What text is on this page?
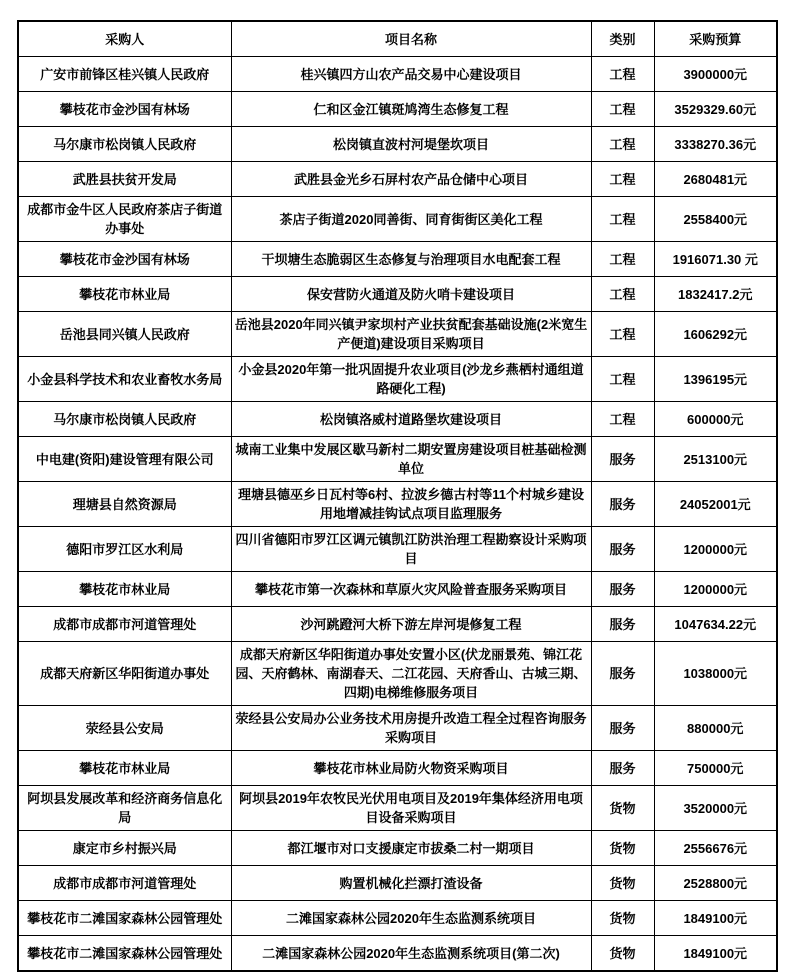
采购人	项目名称	类别	采购预算
广安市前锋区桂兴镇人民政府	桂兴镇四方山农产品交易中心建设项目	工程	3900000元
攀枝花市金沙国有林场	仁和区金江镇斑鸠湾生态修复工程	工程	3529329.60元
马尔康市松岗镇人民政府	松岗镇直波村河堤堡坎项目	工程	3338270.36元
武胜县扶贫开发局	武胜县金光乡石屏村农产品仓储中心项目	工程	2680481元
成都市金牛区人民政府茶店子街道办事处	茶店子街道2020同善街、同育街街区美化工程	工程	2558400元
攀枝花市金沙国有林场	干坝塘生态脆弱区生态修复与治理项目水电配套工程	工程	1916071.30 元
攀枝花市林业局	保安营防火通道及防火哨卡建设项目	工程	1832417.2元
岳池县同兴镇人民政府	岳池县2020年同兴镇尹家坝村产业扶贫配套基础设施(2米宽生产便道)建设项目采购项目	工程	1606292元
小金县科学技术和农业畜牧水务局	小金县2020年第一批巩固提升农业项目(沙龙乡燕栖村通组道路硬化工程)	工程	1396195元
马尔康市松岗镇人民政府	松岗镇洛威村道路堡坎建设项目	工程	600000元
中电建(资阳)建设管理有限公司	城南工业集中发展区歇马新村二期安置房建设项目桩基础检测单位	服务	2513100元
理塘县自然资源局	理塘县德巫乡日瓦村等6村、拉波乡德古村等11个村城乡建设用地增减挂钩试点项目监理服务	服务	24052001元
德阳市罗江区水利局	四川省德阳市罗江区调元镇凯江防洪治理工程勘察设计采购项目	服务	1200000元
攀枝花市林业局	攀枝花市第一次森林和草原火灾风险普查服务采购项目	服务	1200000元
成都市成都市河道管理处	沙河跳蹬河大桥下游左岸河堤修复工程	服务	1047634.22元
成都天府新区华阳街道办事处	成都天府新区华阳街道办事处安置小区(伏龙丽景苑、锦江花园、天府鹤林、南湖春天、二江花园、天府香山、古城三期、四期)电梯维修服务项目	服务	1038000元
荥经县公安局	荥经县公安局办公业务技术用房提升改造工程全过程咨询服务采购项目	服务	880000元
攀枝花市林业局	攀枝花市林业局防火物资采购项目	服务	750000元
阿坝县发展改革和经济商务信息化局	阿坝县2019年农牧民光伏用电项目及2019年集体经济用电项目设备采购项目	货物	3520000元
康定市乡村振兴局	都江堰市对口支援康定市拔桑二村一期项目	货物	2556676元
成都市成都市河道管理处	购置机械化拦漂打渣设备	货物	2528800元
攀枝花市二滩国家森林公园管理处	二滩国家森林公园2020年生态监测系统项目	货物	1849100元
攀枝花市二滩国家森林公园管理处	二滩国家森林公园2020年生态监测系统项目(第二次)	货物	1849100元
